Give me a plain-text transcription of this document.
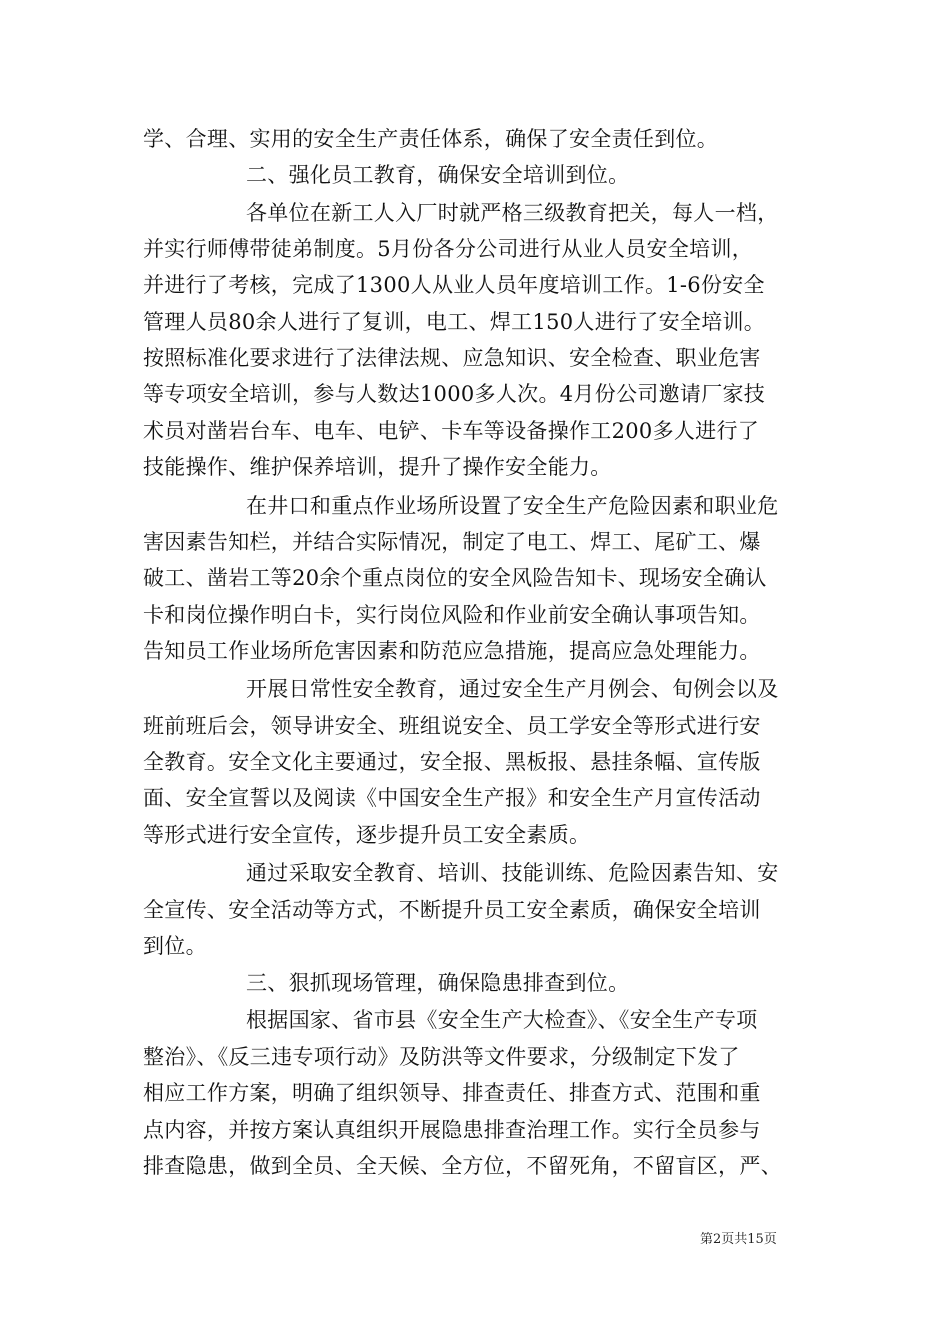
学、合理、实用的安全生产责任体系，确保了安全责任到位。
二、强化员工教育，确保安全培训到位。
各单位在新工人入厂时就严格三级教育把关，每人一档，
并实行师傅带徒弟制度。5月份各分公司进行从业人员安全培训，
并进行了考核，完成了1300人从业人员年度培训工作。1-6份安全
管理人员80余人进行了复训，电工、焊工150人进行了安全培训。
按照标准化要求进行了法律法规、应急知识、安全检查、职业危害
等专项安全培训，参与人数达1000多人次。4月份公司邀请厂家技
术员对凿岩台车、电车、电铲、卡车等设备操作工200多人进行了
技能操作、维护保养培训，提升了操作安全能力。
在井口和重点作业场所设置了安全生产危险因素和职业危
害因素告知栏，并结合实际情况，制定了电工、焊工、尾矿工、爆
破工、凿岩工等20余个重点岗位的安全风险告知卡、现场安全确认
卡和岗位操作明白卡，实行岗位风险和作业前安全确认事项告知。
告知员工作业场所危害因素和防范应急措施，提高应急处理能力。
开展日常性安全教育，通过安全生产月例会、旬例会以及
班前班后会，领导讲安全、班组说安全、员工学安全等形式进行安
全教育。安全文化主要通过，安全报、黑板报、悬挂条幅、宣传版
面、安全宣誓以及阅读《中国安全生产报》和安全生产月宣传活动
等形式进行安全宣传，逐步提升员工安全素质。
通过采取安全教育、培训、技能训练、危险因素告知、安
全宣传、安全活动等方式，不断提升员工安全素质，确保安全培训
到位。
三、狠抓现场管理，确保隐患排查到位。
根据国家、省市县《安全生产大检查》、《安全生产专项
整治》、《反三违专项行动》及防洪等文件要求，分级制定下发了
相应工作方案，明确了组织领导、排查责任、排查方式、范围和重
点内容，并按方案认真组织开展隐患排查治理工作。实行全员参与
排查隐患，做到全员、全天候、全方位，不留死角，不留盲区，严、
第2页共15页
